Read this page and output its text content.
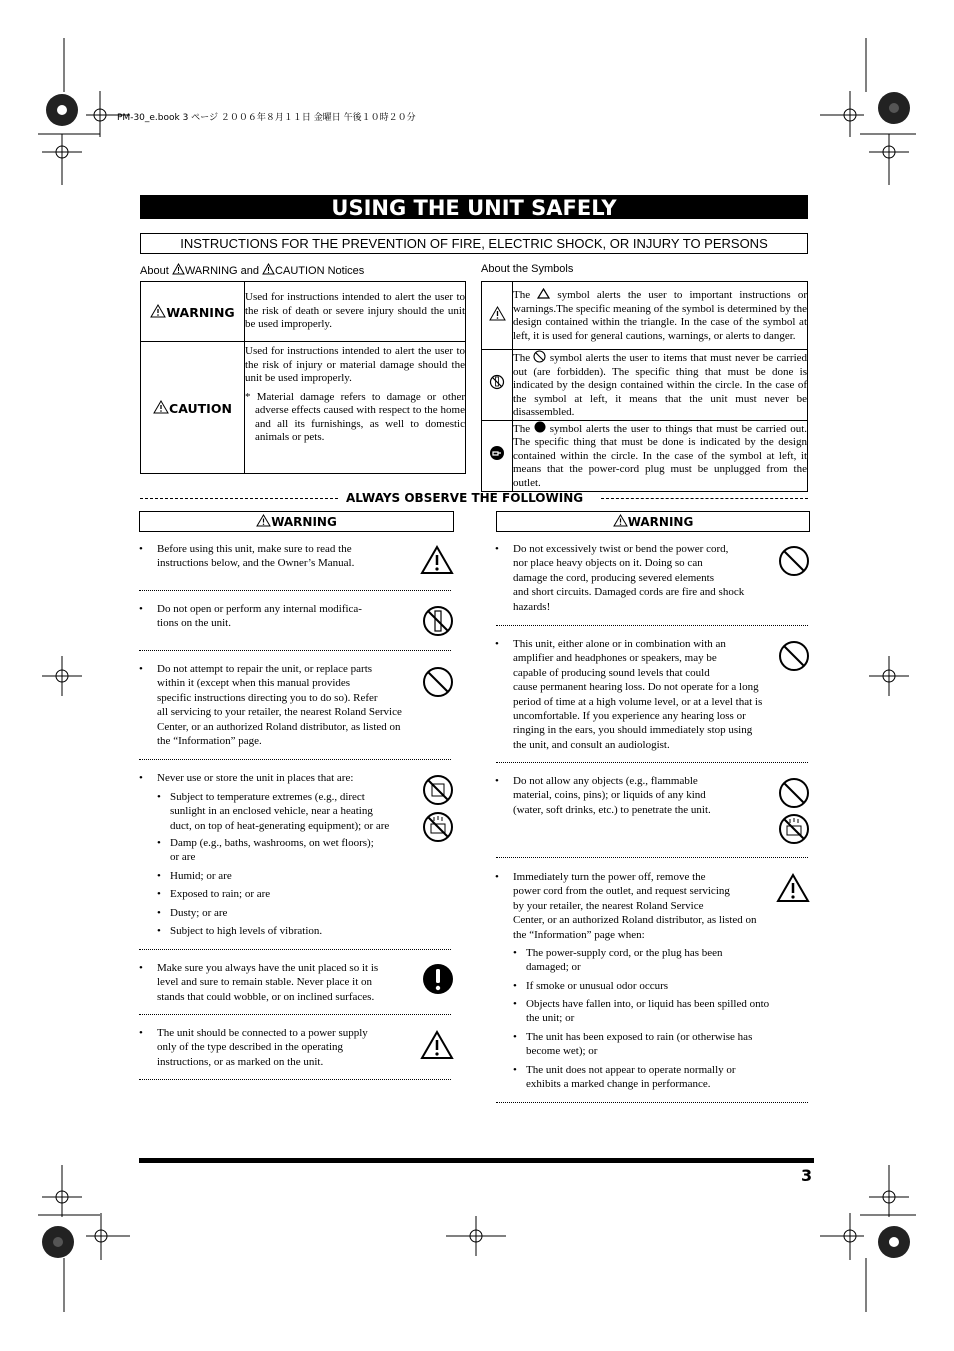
PM-30_e.book 3 ページ ２００６年８月１１日 金曜日 午後１０時２０分
USING THE UNIT SAFELY
INSTRUCTIONS FOR THE PREVENTION OF FIRE, ELECTRIC SHOCK, OR INJURY TO PERSONS
About WARNING and CAUTION Notices	About the Symbols
WARNING	Used for instructions intended to alert the user to the risk of death or severe injury should the unit be used improperly.
CAUTION	Used for instructions intended to alert the user to the risk of injury or material damage should the unit be used improperly.
* Material damage refers to damage or other adverse effects caused with respect to the home and all its furnishings, as well to domestic animals or pets.
	The symbol alerts the user to important instructions or warnings.The specific meaning of the symbol is determined by the design contained within the triangle. In the case of the symbol at left, it is used for general cautions, warnings, or alerts to danger.
	The symbol alerts the user to items that must never be carried out (are forbidden). The specific thing that must be done is indicated by the design contained within the circle. In the case of the symbol at left, it means that the unit must never be disassembled.
	The symbol alerts the user to things that must be carried out. The specific thing that must be done is indicated by the design contained within the circle. In the case of the symbol at left, it means that the power-cord plug must be unplugged from the outlet.
ALWAYS OBSERVE THE FOLLOWING
WARNING	WARNING
• Before using this unit, make sure to read the
instructions below, and the Owner’s Manual.
• Do not open or perform any internal modifica-
tions on the unit.
• Do not attempt to repair the unit, or replace parts
within it (except when this manual provides
specific instructions directing you to do so). Refer
all servicing to your retailer, the nearest Roland Service
Center, or an authorized Roland distributor, as listed on
the “Information” page.
• Never use or store the unit in places that are:
• Subject to temperature extremes (e.g., direct
sunlight in an enclosed vehicle, near a heating
duct, on top of heat-generating equipment); or are
• Damp (e.g., baths, washrooms, on wet floors);
or are
• Humid; or are
• Exposed to rain; or are
• Dusty; or are
• Subject to high levels of vibration.
• Make sure you always have the unit placed so it is
level and sure to remain stable. Never place it on
stands that could wobble, or on inclined surfaces.
• The unit should be connected to a power supply
only of the type described in the operating
instructions, or as marked on the unit.
• Do not excessively twist or bend the power cord,
nor place heavy objects on it. Doing so can
damage the cord, producing severed elements
and short circuits. Damaged cords are fire and shock
hazards!
• This unit, either alone or in combination with an
amplifier and headphones or speakers, may be
capable of producing sound levels that could
cause permanent hearing loss. Do not operate for a long
period of time at a high volume level, or at a level that is
uncomfortable. If you experience any hearing loss or
ringing in the ears, you should immediately stop using
the unit, and consult an audiologist.
• Do not allow any objects (e.g., flammable
material, coins, pins); or liquids of any kind
(water, soft drinks, etc.) to penetrate the unit.
• Immediately turn the power off, remove the
power cord from the outlet, and request servicing
by your retailer, the nearest Roland Service
Center, or an authorized Roland distributor, as listed on
the “Information” page when:
• The power-supply cord, or the plug has been
damaged; or
• If smoke or unusual odor occurs
• Objects have fallen into, or liquid has been spilled onto
the unit; or
• The unit has been exposed to rain (or otherwise has
become wet); or
• The unit does not appear to operate normally or
exhibits a marked change in performance.
3
